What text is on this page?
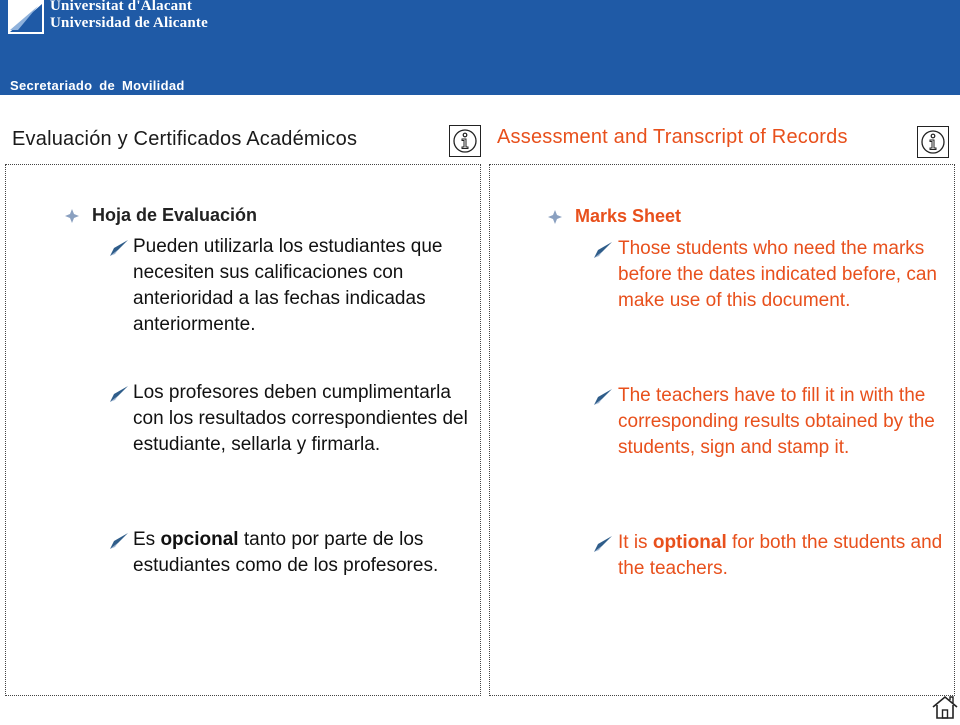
Universitat d'Alacant
Universidad de Alicante
Secretariado de Movilidad
Evaluación y Certificados Académicos	Assessment and Transcript of Records
Hoja de Evaluación
Pueden utilizarla los estudiantes que necesiten sus calificaciones con anterioridad a las fechas indicadas anteriormente.
Los profesores deben cumplimentarla con los resultados correspondientes del estudiante, sellarla y firmarla.
Es opcional tanto por parte de los estudiantes como de los profesores.
Marks Sheet
Those students who need the marks before the dates indicated before, can make use of this document.
The teachers have to fill it in with the corresponding results obtained by the students, sign and stamp it.
It is optional for both the students and the teachers.
